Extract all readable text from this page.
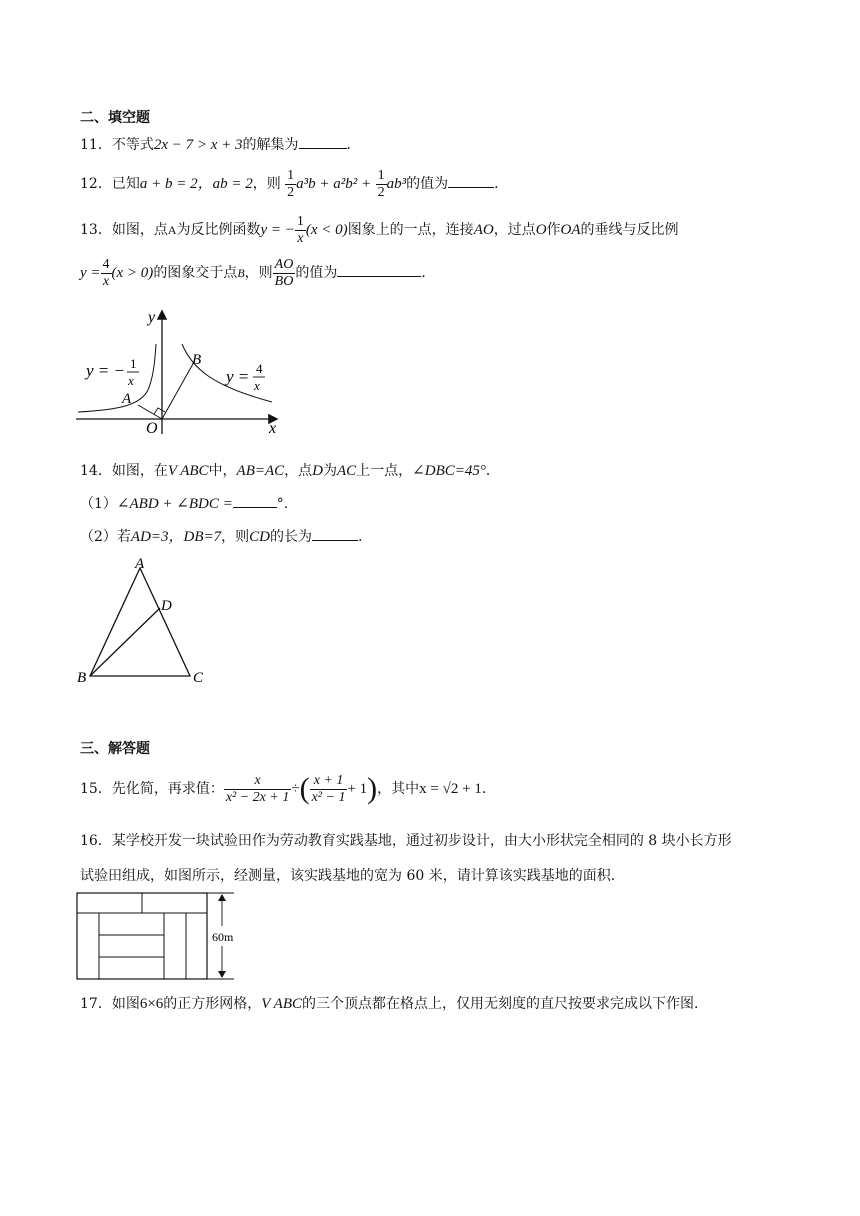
二、填空题
11．不等式2x − 7 > x + 3的解集为	．
12．已知a + b = 2，ab = 2，则 $\frac{1}{2} a^3b + a^2b^2 + \frac{1}{2} ab^3$的值为	．
13．如图，点A为反比例函数y = − $\frac{1}{x} (x < 0)$图象上的一点，连接AO，过点O作OA的垂线与反比例
$y = \frac{4}{x} (x > 0)$的图象交于点B，则 $\frac{AO}{BO}$ 的值为	．
y
x
O
A
B
y = − 1
x	y = 4
x
14．如图，在V ABC中，AB=AC，点D为AC上一点，∠DBC=45°．
（1）∠ABD + ∠BDC =	°.
（2）若AD=3，DB=7，则CD的长为	.
A
B	C
D
三、解答题
15．先化简，再求值： $\frac{x}{\text{x² − 2x + 1}}$ ÷( $\frac{x + 1}{\text{x² − 1}} + 1$)，其中x = √2 + 1．
16．某学校开发一块试验田作为劳动教育实践基地，通过初步设计，由大小形状完全相同的 8 块小长方形
试验田组成，如图所示，经测量，该实践基地的宽为 60 米，请计算该实践基地的面积.
60m
17．如图6×6的正方形网格，V ABC的三个顶点都在格点上，仅用无刻度的直尺按要求完成以下作图.
